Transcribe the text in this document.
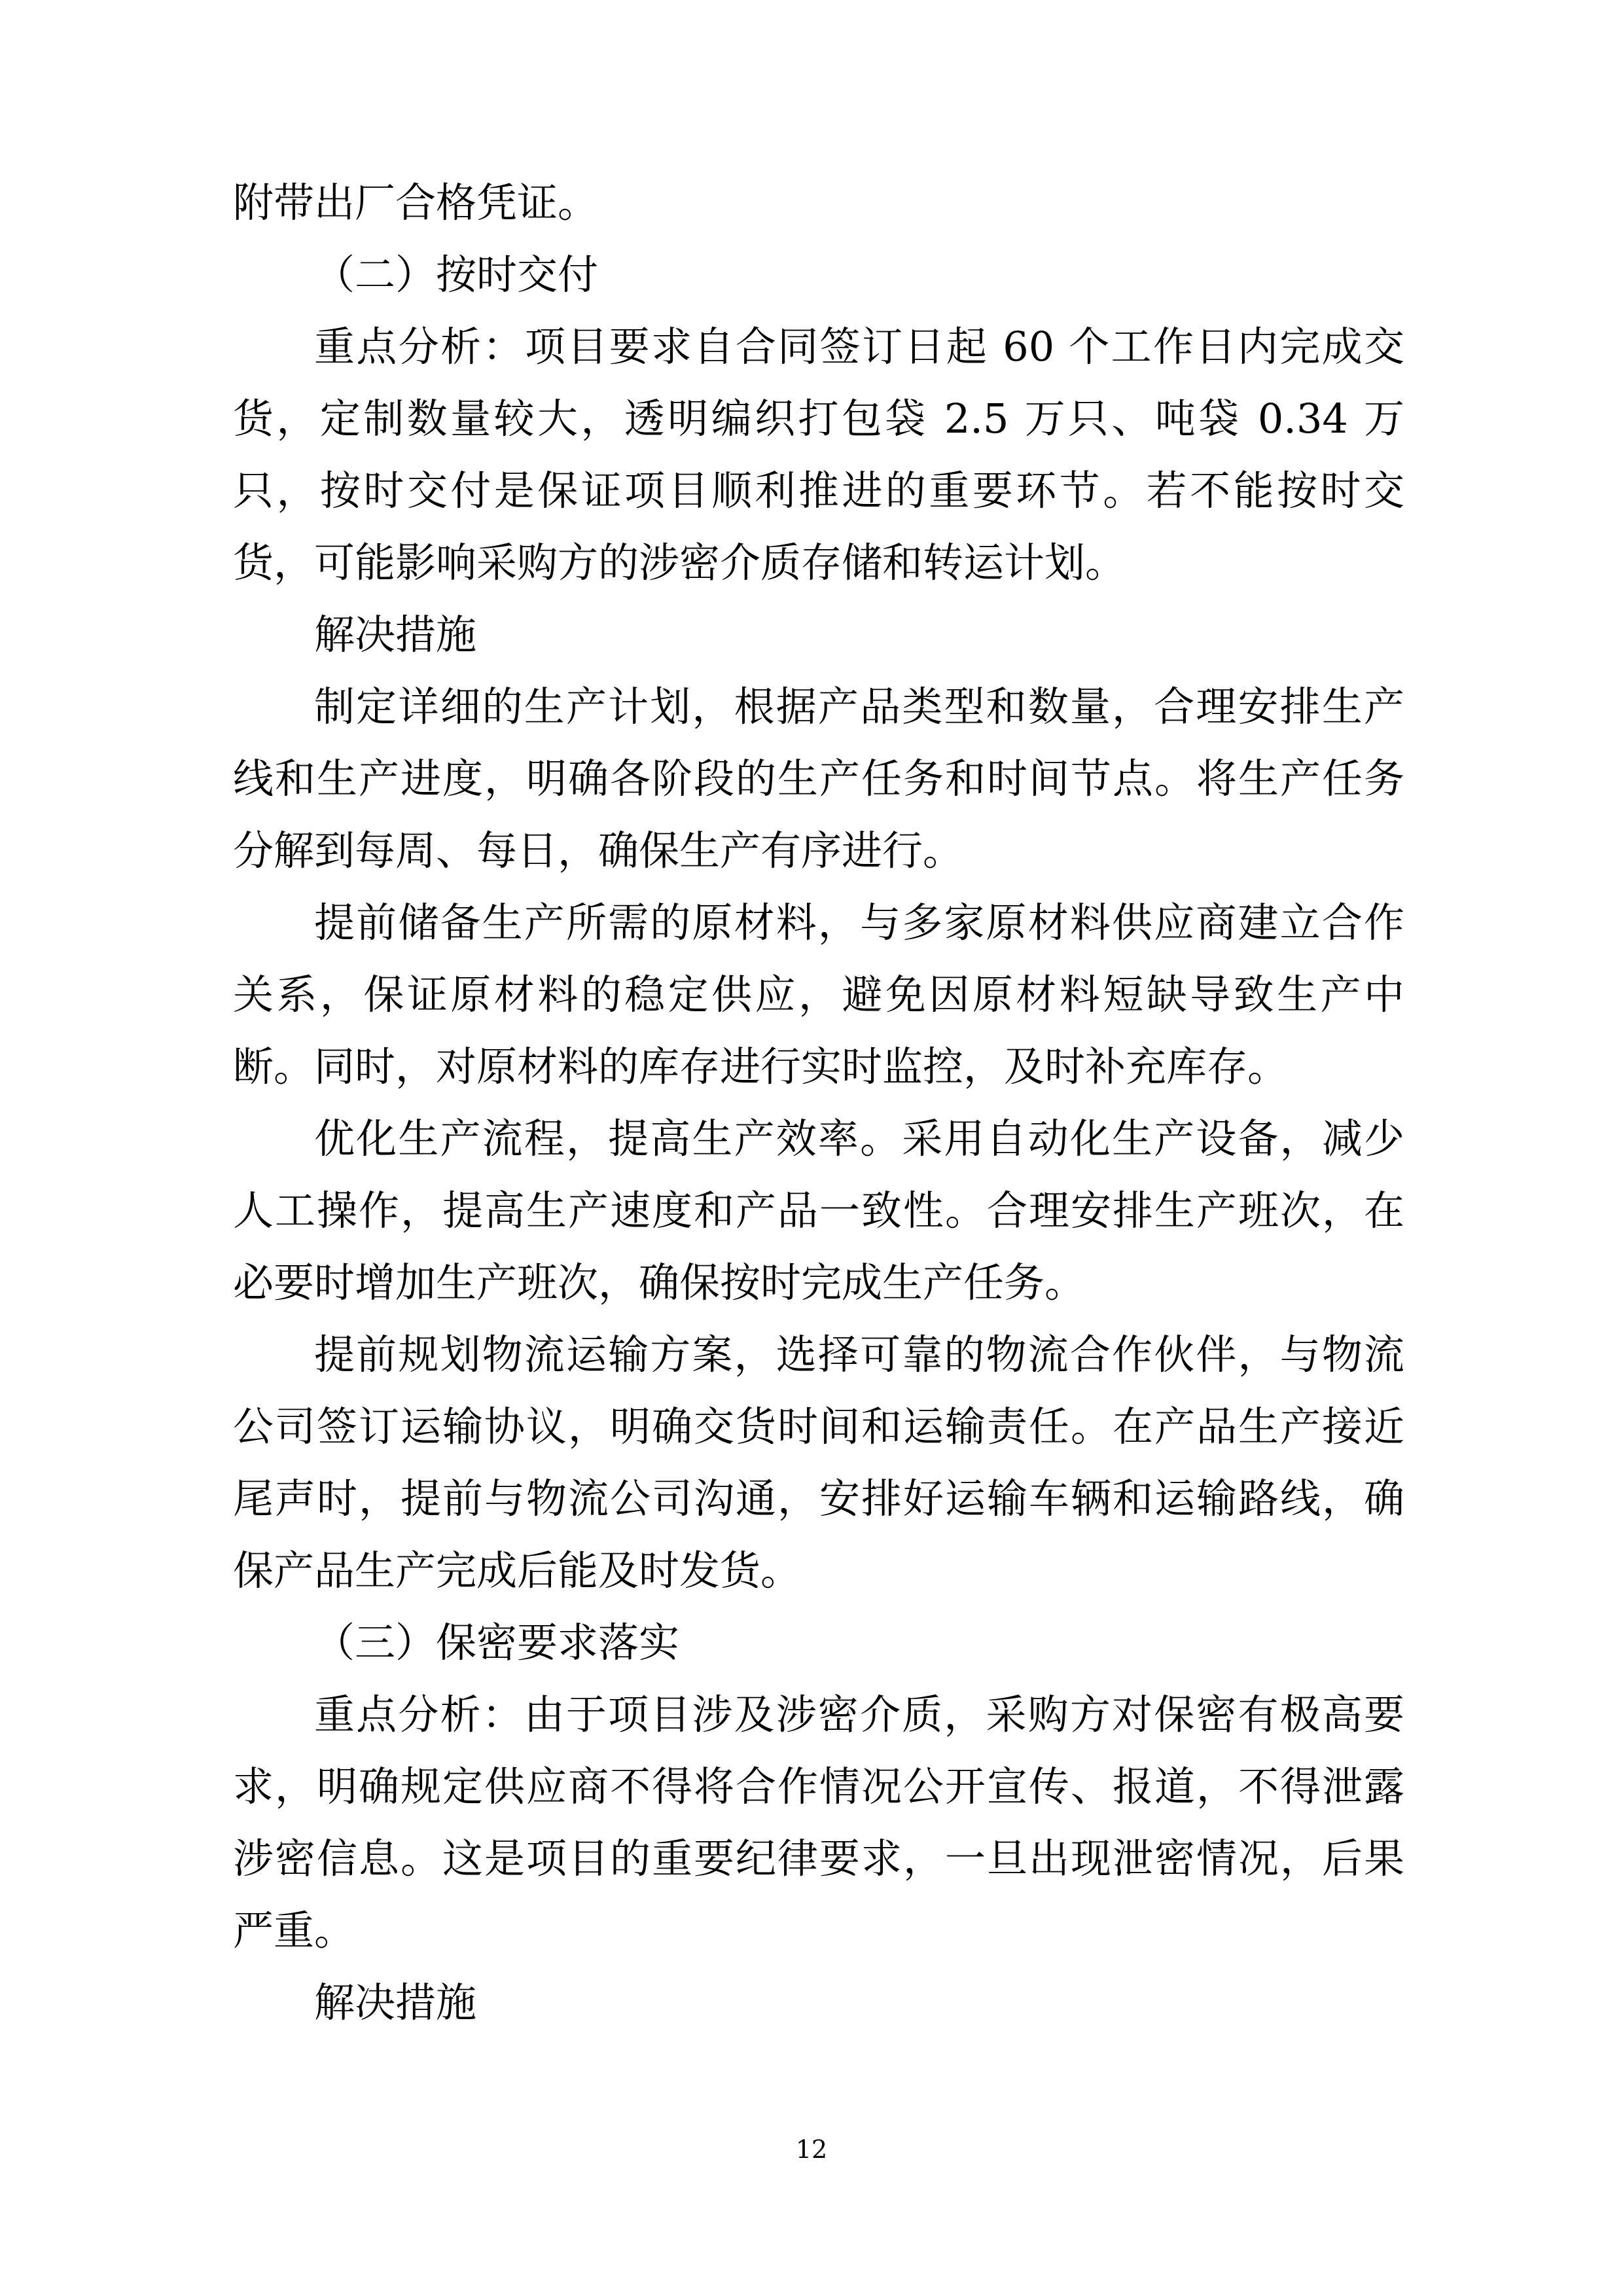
附带出厂合格凭证。

（二）按时交付

重点分析：项目要求自合同签订日起 60 个工作日内完成交货，定制数量较大，透明编织打包袋 2.5 万只、吨袋 0.34 万只，按时交付是保证项目顺利推进的重要环节。若不能按时交货，可能影响采购方的涉密介质存储和转运计划。

解决措施

制定详细的生产计划，根据产品类型和数量，合理安排生产线和生产进度，明确各阶段的生产任务和时间节点。将生产任务分解到每周、每日，确保生产有序进行。

提前储备生产所需的原材料，与多家原材料供应商建立合作关系，保证原材料的稳定供应，避免因原材料短缺导致生产中断。同时，对原材料的库存进行实时监控，及时补充库存。

优化生产流程，提高生产效率。采用自动化生产设备，减少人工操作，提高生产速度和产品一致性。合理安排生产班次，在必要时增加生产班次，确保按时完成生产任务。

提前规划物流运输方案，选择可靠的物流合作伙伴，与物流公司签订运输协议，明确交货时间和运输责任。在产品生产接近尾声时，提前与物流公司沟通，安排好运输车辆和运输路线，确保产品生产完成后能及时发货。

（三）保密要求落实

重点分析：由于项目涉及涉密介质，采购方对保密有极高要求，明确规定供应商不得将合作情况公开宣传、报道，不得泄露涉密信息。这是项目的重要纪律要求，一旦出现泄密情况，后果严重。

解决措施

12
